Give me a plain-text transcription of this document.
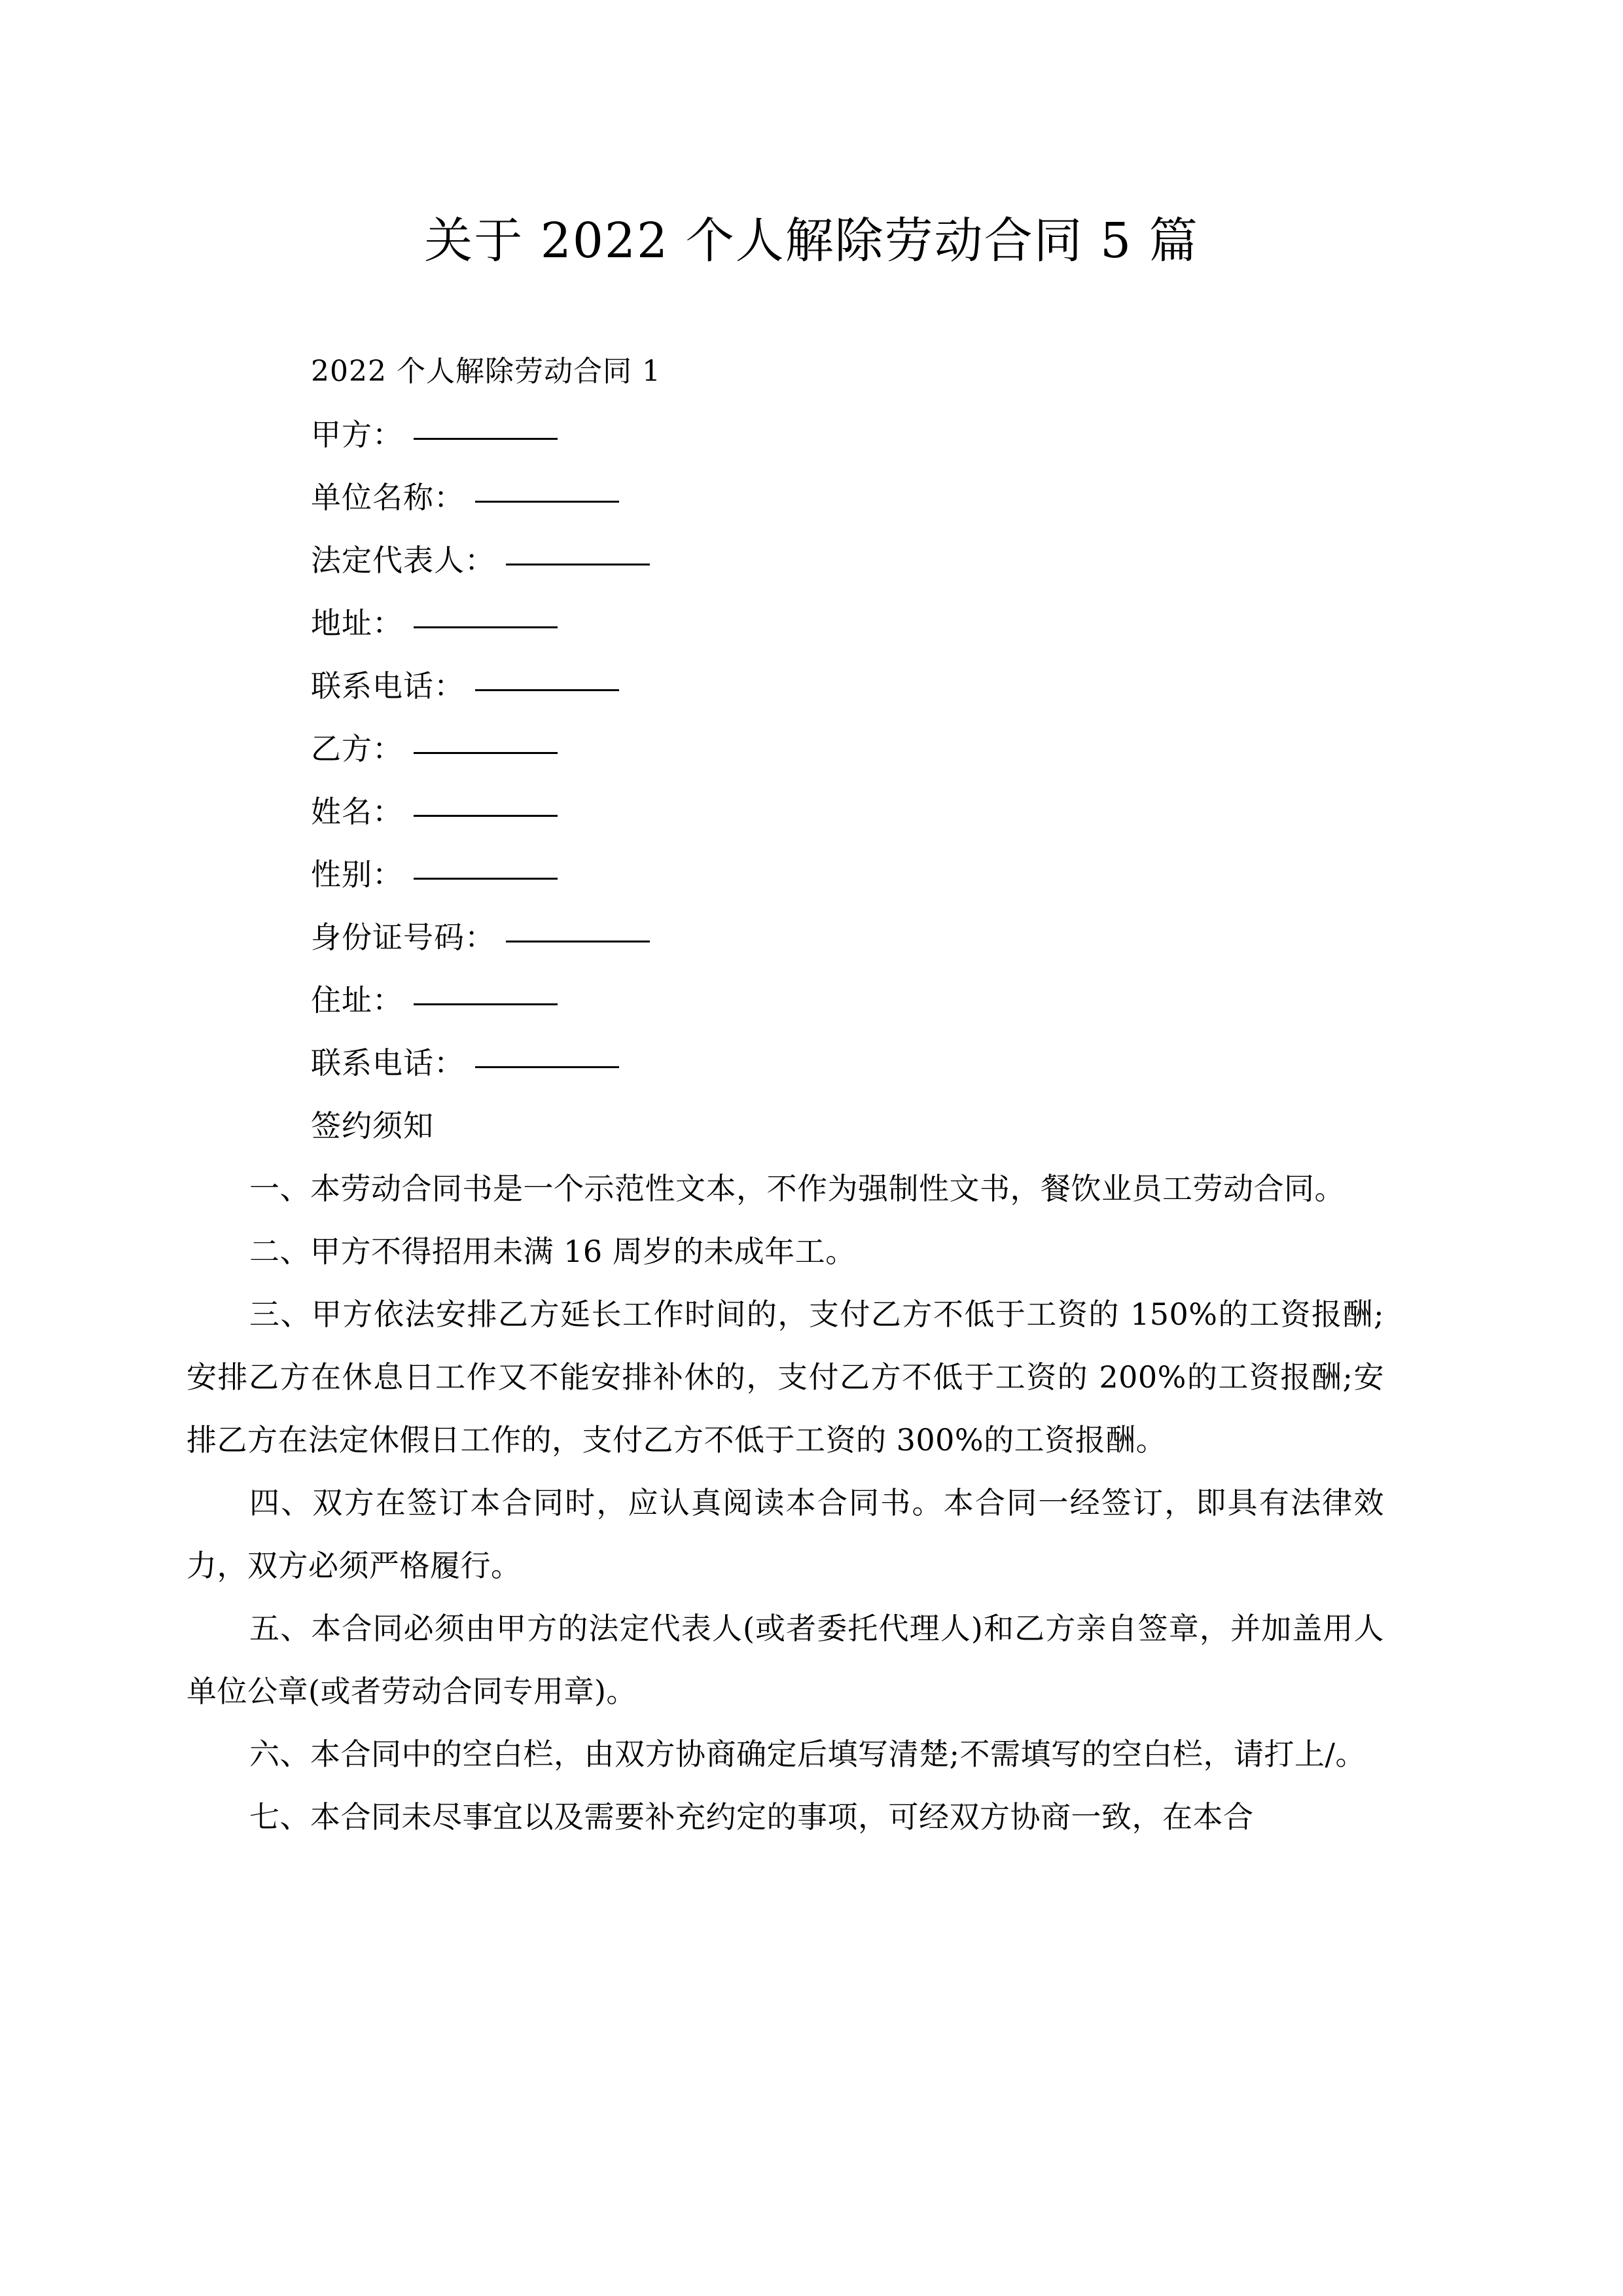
关于 2022 个人解除劳动合同 5 篇
2022 个人解除劳动合同 1
甲方：
单位名称：
法定代表人：
地址：
联系电话：
乙方：
姓名：
性别：
身份证号码：
住址：
联系电话：
签约须知

一、本劳动合同书是一个示范性文本，不作为强制性文书，餐饮业员工劳动合同。

二、甲方不得招用未满 16 周岁的未成年工。

三、甲方依法安排乙方延长工作时间的，支付乙方不低于工资的 150%的工资报酬;安排乙方在休息日工作又不能安排补休的，支付乙方不低于工资的 200%的工资报酬;安排乙方在法定休假日工作的，支付乙方不低于工资的 300%的工资报酬。

四、双方在签订本合同时，应认真阅读本合同书。本合同一经签订，即具有法律效力，双方必须严格履行。

五、本合同必须由甲方的法定代表人(或者委托代理人)和乙方亲自签章，并加盖用人单位公章(或者劳动合同专用章)。

六、本合同中的空白栏，由双方协商确定后填写清楚;不需填写的空白栏，请打上/。

七、本合同未尽事宜以及需要补充约定的事项，可经双方协商一致，在本合
